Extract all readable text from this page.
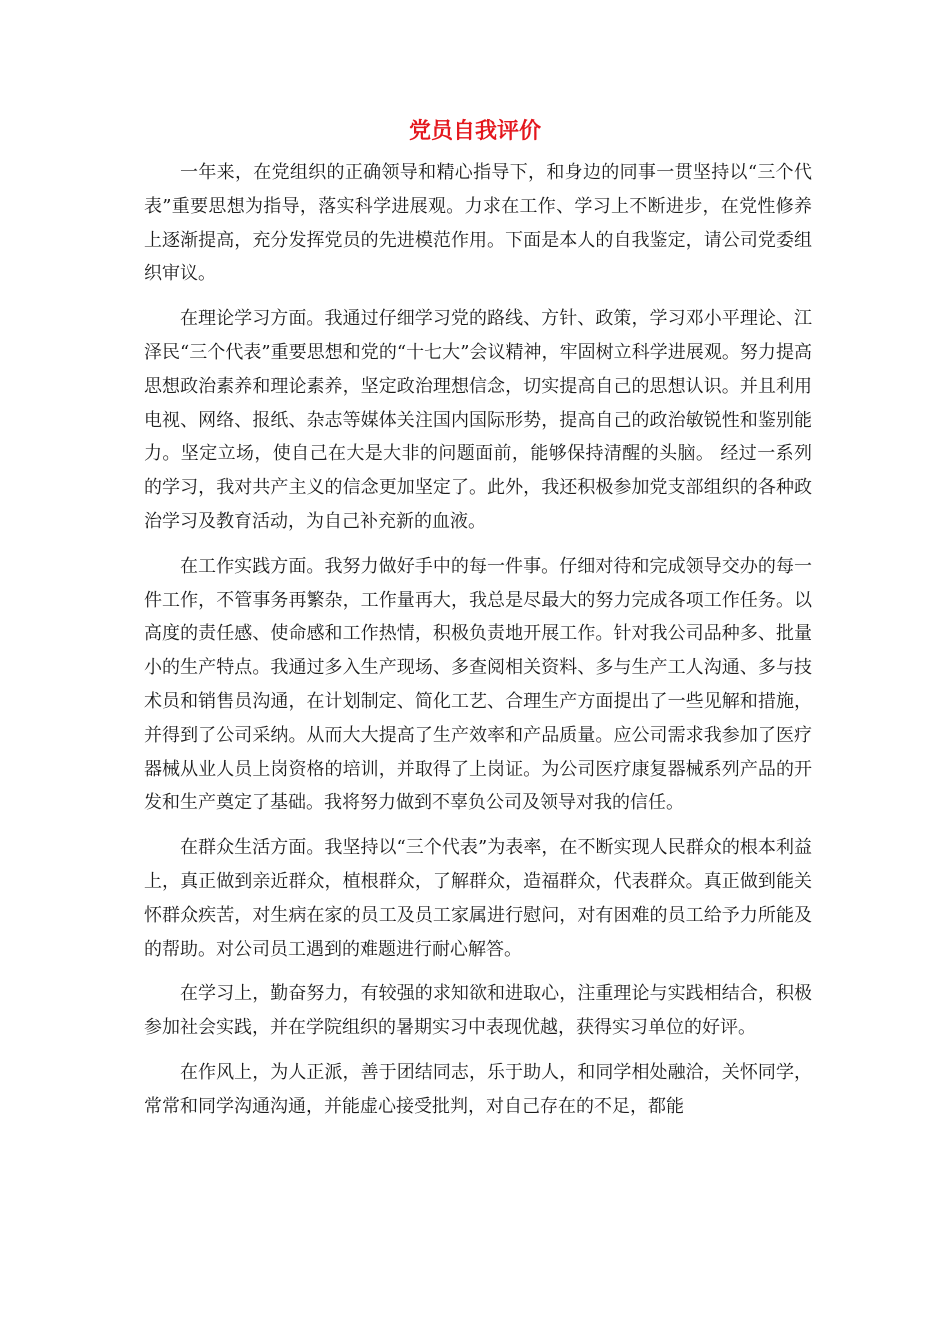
党员自我评价

一年来，在党组织的正确领导和精心指导下，和身边的同事一贯坚持以“三个代表”重要思想为指导，落实科学进展观。力求在工作、学习上不断进步，在党性修养上逐渐提高，充分发挥党员的先进模范作用。下面是本人的自我鉴定，请公司党委组织审议。

在理论学习方面。我通过仔细学习党的路线、方针、政策，学习邓小平理论、江泽民“三个代表”重要思想和党的“十七大”会议精神，牢固树立科学进展观。努力提高思想政治素养和理论素养，坚定政治理想信念，切实提高自己的思想认识。并且利用电视、网络、报纸、杂志等媒体关注国内国际形势，提高自己的政治敏锐性和鉴别能力。坚定立场，使自己在大是大非的问题面前，能够保持清醒的头脑。 经过一系列的学习，我对共产主义的信念更加坚定了。此外，我还积极参加党支部组织的各种政治学习及教育活动，为自己补充新的血液。

在工作实践方面。我努力做好手中的每一件事。仔细对待和完成领导交办的每一件工作，不管事务再繁杂，工作量再大，我总是尽最大的努力完成各项工作任务。以高度的责任感、使命感和工作热情，积极负责地开展工作。针对我公司品种多、批量小的生产特点。我通过多入生产现场、多查阅相关资料、多与生产工人沟通、多与技术员和销售员沟通，在计划制定、简化工艺、合理生产方面提出了一些见解和措施，并得到了公司采纳。从而大大提高了生产效率和产品质量。应公司需求我参加了医疗器械从业人员上岗资格的培训，并取得了上岗证。为公司医疗康复器械系列产品的开发和生产奠定了基础。我将努力做到不辜负公司及领导对我的信任。

在群众生活方面。我坚持以“三个代表”为表率，在不断实现人民群众的根本利益上，真正做到亲近群众，植根群众，了解群众，造福群众，代表群众。真正做到能关怀群众疾苦，对生病在家的员工及员工家属进行慰问，对有困难的员工给予力所能及的帮助。对公司员工遇到的难题进行耐心解答。

在学习上，勤奋努力，有较强的求知欲和进取心，注重理论与实践相结合，积极参加社会实践，并在学院组织的暑期实习中表现优越，获得实习单位的好评。

在作风上，为人正派，善于团结同志，乐于助人，和同学相处融洽，关怀同学，常常和同学沟通沟通，并能虚心接受批判，对自己存在的不足，都能
